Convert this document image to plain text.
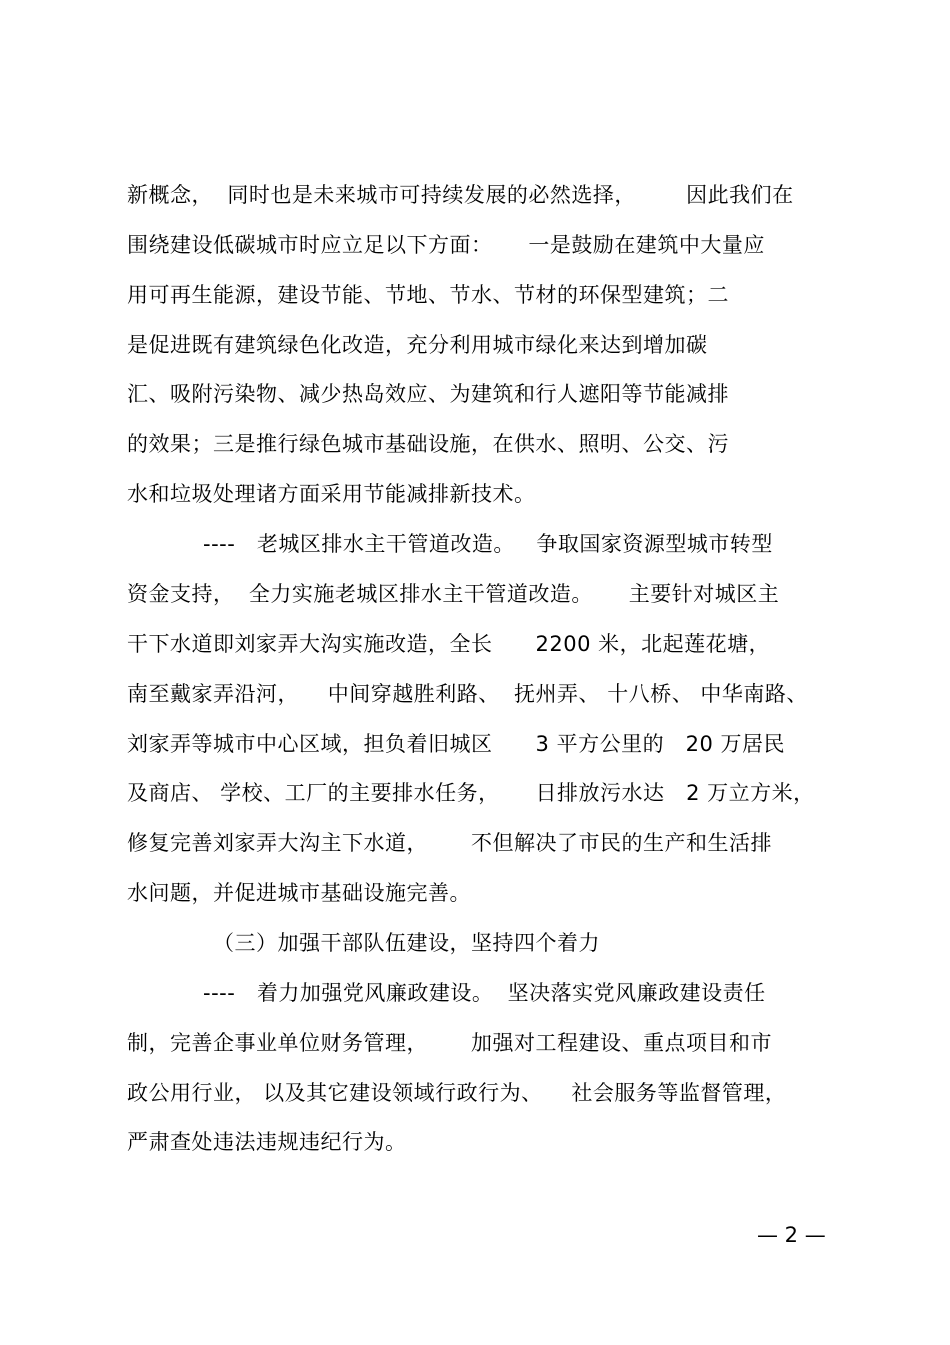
新概念，  同时也是未来城市可持续发展的必然选择，       因此我们在
围绕建设低碳城市时应立足以下方面：     一是鼓励在建筑中大量应
用可再生能源，建设节能、节地、节水、节材的环保型建筑；二
是促进既有建筑绿色化改造，充分利用城市绿化来达到增加碳
汇、吸附污染物、减少热岛效应、为建筑和行人遮阳等节能减排
的效果；三是推行绿色城市基础设施，在供水、照明、公交、污
水和垃圾处理诸方面采用节能减排新技术。
----   老城区排水主干管道改造。   争取国家资源型城市转型
资金支持，  全力实施老城区排水主干管道改造。     主要针对城区主
干下水道即刘家弄大沟实施改造，全长      2200 米，北起莲花塘，
南至戴家弄沿河，    中间穿越胜利路、  抚州弄、 十八桥、 中华南路、
刘家弄等城市中心区域，担负着旧城区      3 平方公里的   20 万居民
及商店、 学校、工厂的主要排水任务，     日排放污水达   2 万立方米，
修复完善刘家弄大沟主下水道，      不但解决了市民的生产和生活排
水问题，并促进城市基础设施完善。
（三）加强干部队伍建设，坚持四个着力
----   着力加强党风廉政建设。  坚决落实党风廉政建设责任
制，完善企事业单位财务管理，      加强对工程建设、重点项目和市
政公用行业， 以及其它建设领域行政行为、    社会服务等监督管理，
严肃查处违法违规违纪行为。
— 2 —
